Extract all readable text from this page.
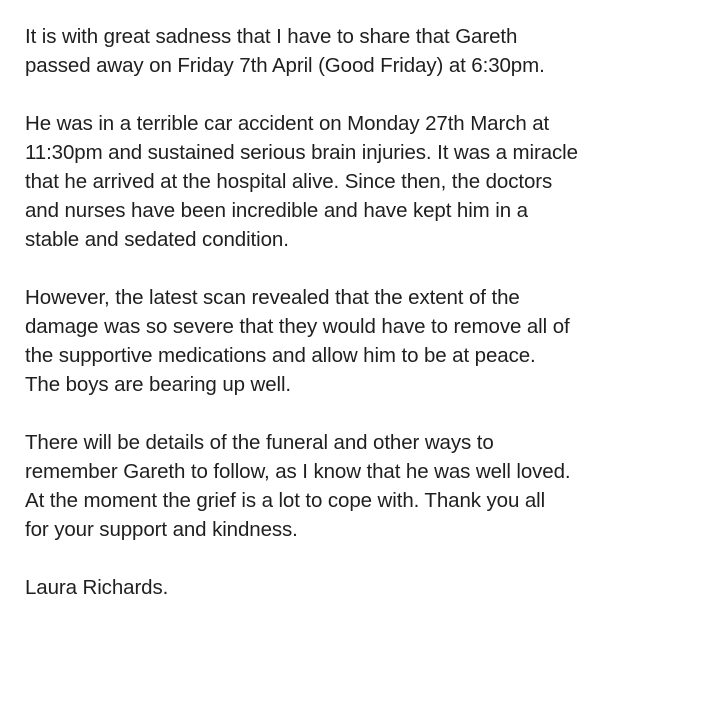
It is with great sadness that I have to share that Gareth
passed away on Friday 7th April (Good Friday) at 6:30pm.
He was in a terrible car accident on Monday 27th March at
11:30pm and sustained serious brain injuries. It was a miracle
that he arrived at the hospital alive. Since then, the doctors
and nurses have been incredible and have kept him in a
stable and sedated condition.
However, the latest scan revealed that the extent of the
damage was so severe that they would have to remove all of
the supportive medications and allow him to be at peace.
The boys are bearing up well.
There will be details of the funeral and other ways to
remember Gareth to follow, as I know that he was well loved.
At the moment the grief is a lot to cope with. Thank you all
for your support and kindness.
Laura Richards.
